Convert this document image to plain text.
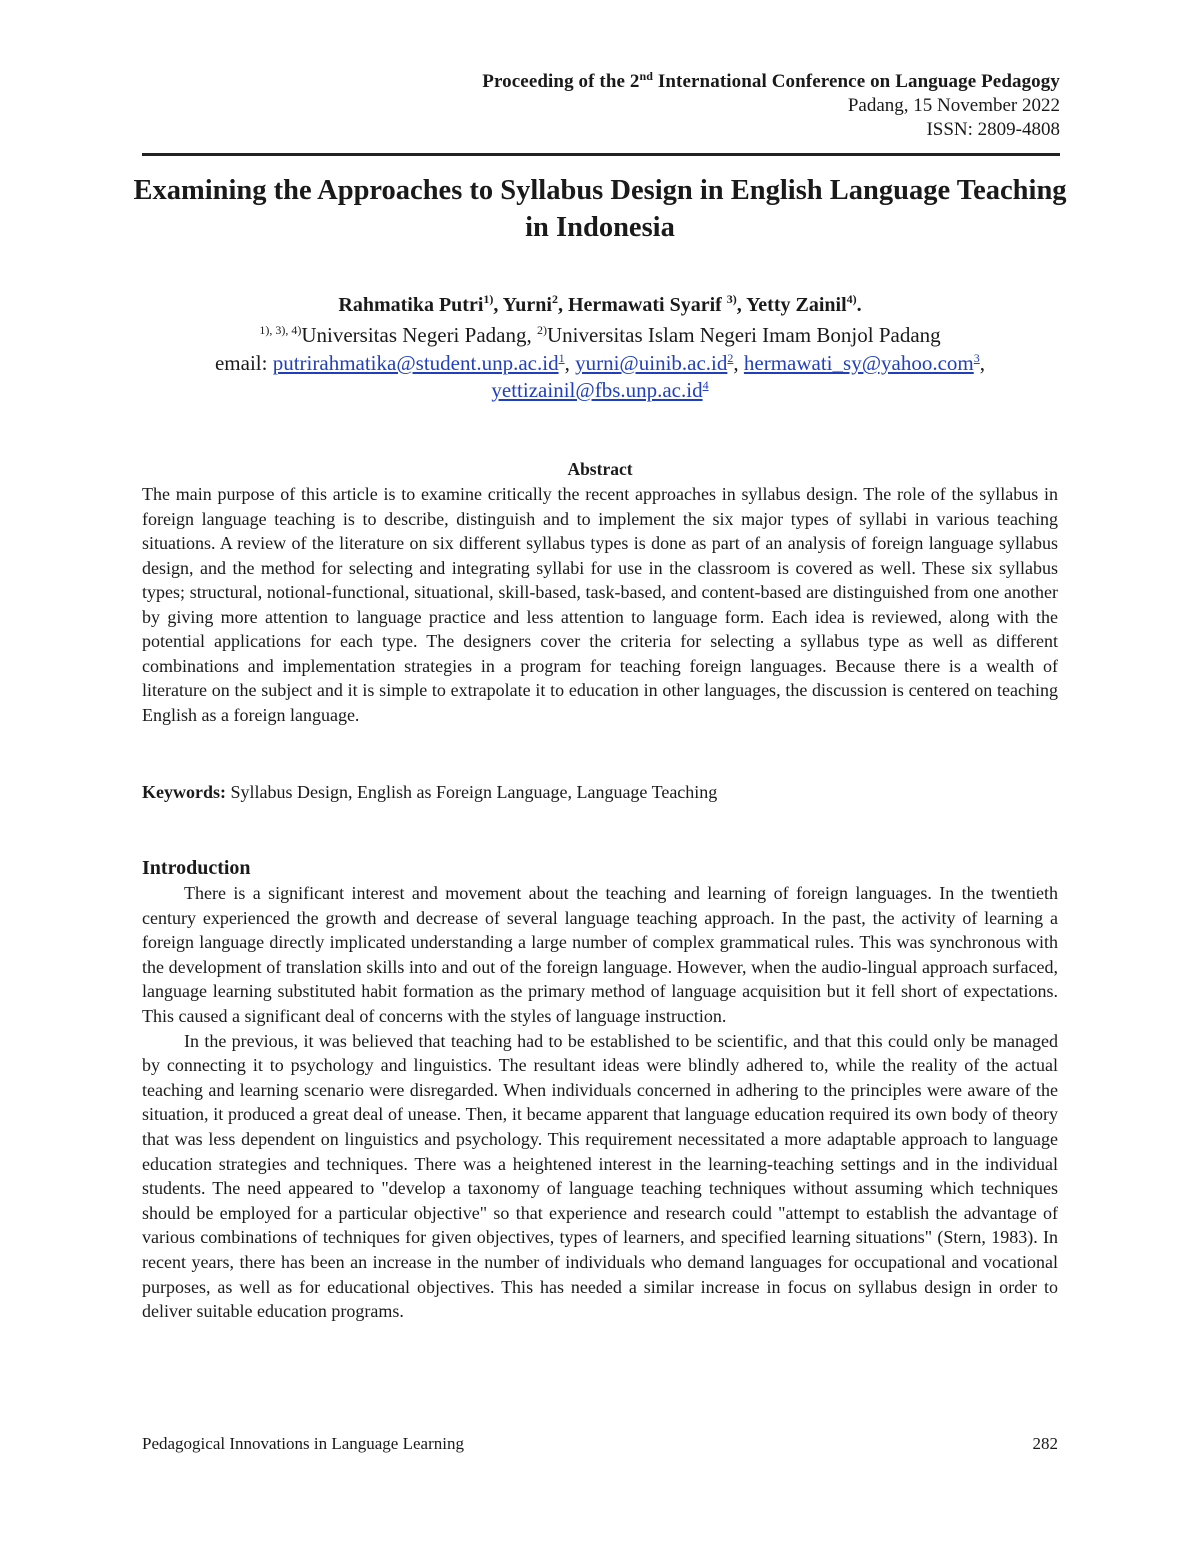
Proceeding of the 2nd International Conference on Language Pedagogy
Padang, 15 November 2022
ISSN: 2809-4808
Examining the Approaches to Syllabus Design in English Language Teaching in Indonesia
Rahmatika Putri$^{1)}$, Yurni$^2$, Hermawati Syarif $^{3)}$, Yetty Zainil$^{4)}$.
$^{1), 3), 4)}$Universitas Negeri Padang, $^{2)}$Universitas Islam Negeri Imam Bonjol Padang
email: $putrirahmatika@student.unp.ac.id^1$, $yurni@uinib.ac.id^2$, hermawati_sy@yahoo.com$^3$,
$yettizainil@fbs.unp.ac.id^4$
Abstract
The main purpose of this article is to examine critically the recent approaches in syllabus design. The role of the syllabus in foreign language teaching is to describe, distinguish and to implement the six major types of syllabi in various teaching situations. A review of the literature on six different syllabus types is done as part of an analysis of foreign language syllabus design, and the method for selecting and integrating syllabi for use in the classroom is covered as well. These six syllabus types; structural, notional-functional, situational, skill-based, task-based, and content-based are distinguished from one another by giving more attention to language practice and less attention to language form. Each idea is reviewed, along with the potential applications for each type. The designers cover the criteria for selecting a syllabus type as well as different combinations and implementation strategies in a program for teaching foreign languages. Because there is a wealth of literature on the subject and it is simple to extrapolate it to education in other languages, the discussion is centered on teaching English as a foreign language.
Keywords: Syllabus Design, English as Foreign Language, Language Teaching
Introduction

There is a significant interest and movement about the teaching and learning of foreign languages. In the twentieth century experienced the growth and decrease of several language teaching approach. In the past, the activity of learning a foreign language directly implicated understanding a large number of complex grammatical rules. This was synchronous with the development of translation skills into and out of the foreign language. However, when the audio-lingual approach surfaced, language learning substituted habit formation as the primary method of language acquisition but it fell short of expectations. This caused a significant deal of concerns with the styles of language instruction.

In the previous, it was believed that teaching had to be established to be scientific, and that this could only be managed by connecting it to psychology and linguistics. The resultant ideas were blindly adhered to, while the reality of the actual teaching and learning scenario were disregarded. When individuals concerned in adhering to the principles were aware of the situation, it produced a great deal of unease. Then, it became apparent that language education required its own body of theory that was less dependent on linguistics and psychology. This requirement necessitated a more adaptable approach to language education strategies and techniques. There was a heightened interest in the learning-teaching settings and in the individual students. The need appeared to "develop a taxonomy of language teaching techniques without assuming which techniques should be employed for a particular objective" so that experience and research could "attempt to establish the advantage of various combinations of techniques for given objectives, types of learners, and specified learning situations" (Stern, 1983). In recent years, there has been an increase in the number of individuals who demand languages for occupational and vocational purposes, as well as for educational objectives. This has needed a similar increase in focus on syllabus design in order to deliver suitable education programs.

Pedagogical Innovations in Language Learning	282
